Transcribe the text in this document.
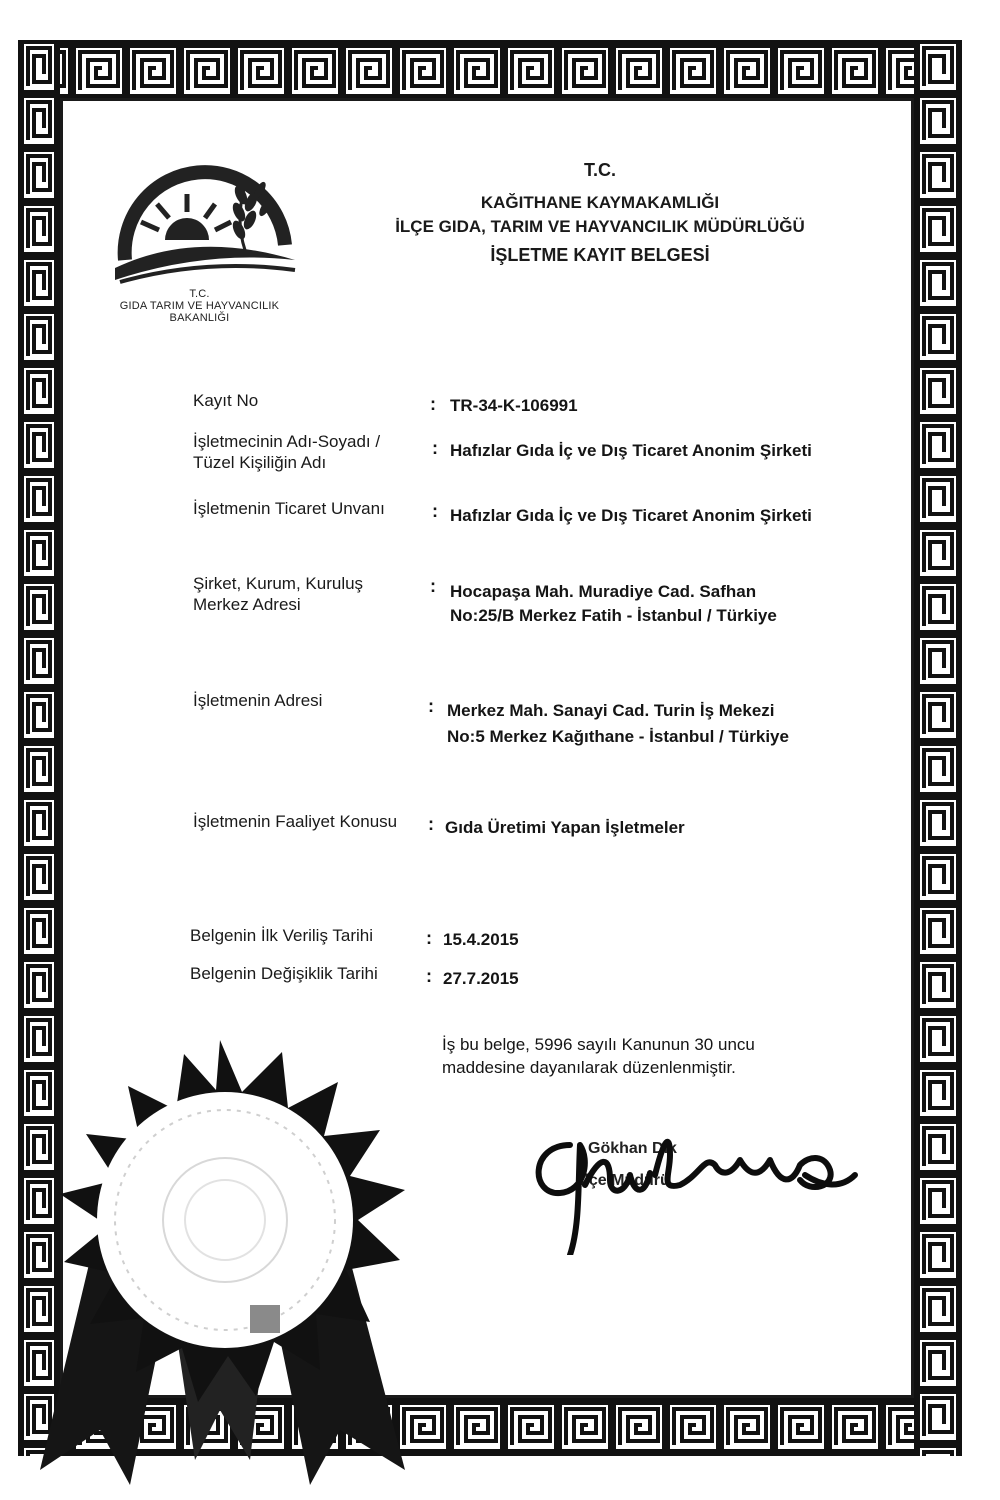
T.C.
GIDA TARIM VE HAYVANCILIK
BAKANLIĞI
T.C.
KAĞITHANE KAYMAKAMLIĞI
İLÇE GIDA, TARIM VE HAYVANCILIK MÜDÜRLÜĞÜ
İŞLETME KAYIT BELGESİ
Kayıt No	: TR-34-K-106991
İşletmecinin Adı-Soyadı /
Tüzel Kişiliğin Adı
: Hafızlar Gıda İç ve Dış Ticaret Anonim Şirketi
İşletmenin Ticaret Unvanı	: Hafızlar Gıda İç ve Dış Ticaret Anonim Şirketi
Şirket, Kurum, Kuruluş
Merkez Adresi
: Hocapaşa Mah. Muradiye Cad. Safhan
No:25/B Merkez Fatih - İstanbul / Türkiye
İşletmenin Adresi	: Merkez Mah. Sanayi Cad. Turin İş Mekezi
No:5 Merkez Kağıthane - İstanbul / Türkiye
İşletmenin Faaliyet Konusu	: Gıda Üretimi Yapan İşletmeler
Belgenin İlk Veriliş Tarihi	: 15.4.2015
Belgenin Değişiklik Tarihi	: 27.7.2015
İş bu belge, 5996 sayılı Kanunun 30 uncu
maddesine dayanılarak düzenlenmiştir.
Gökhan Dik
İlçe Müdürü
